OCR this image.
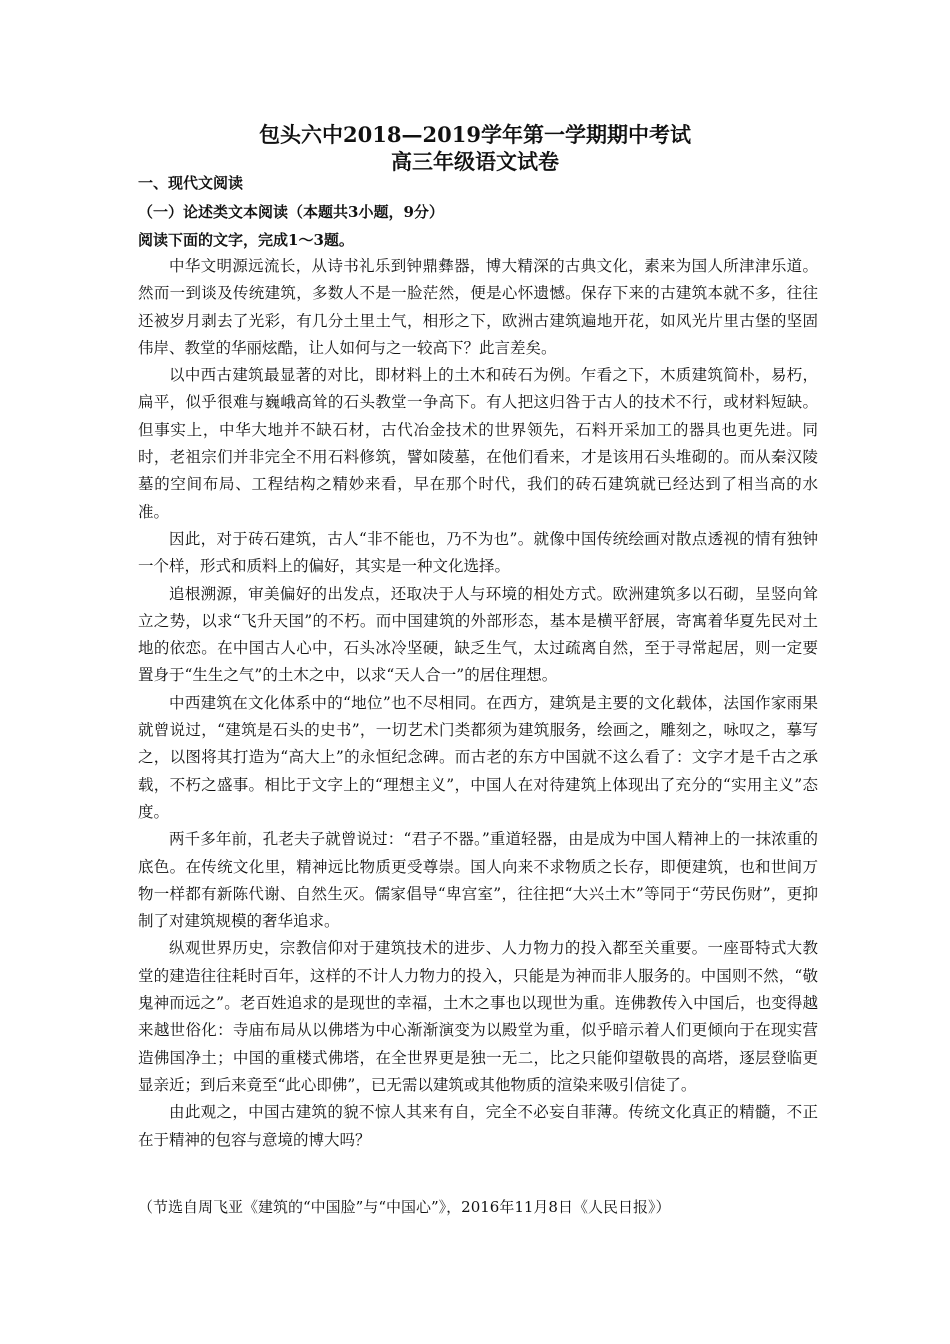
包头六中2018—2019学年第一学期期中考试
高三年级语文试卷
一、现代文阅读
（一）论述类文本阅读（本题共3小题，9分）
阅读下面的文字，完成1～3题。

中华文明源远流长，从诗书礼乐到钟鼎彝器，博大精深的古典文化，素来为国人所津津乐道。然而一到谈及传统建筑，多数人不是一脸茫然，便是心怀遗憾。保存下来的古建筑本就不多，往往还被岁月剥去了光彩，有几分土里土气，相形之下，欧洲古建筑遍地开花，如风光片里古堡的坚固伟岸、教堂的华丽炫酷，让人如何与之一较高下？此言差矣。

以中西古建筑最显著的对比，即材料上的土木和砖石为例。乍看之下，木质建筑简朴，易朽，扁平，似乎很难与巍峨高耸的石头教堂一争高下。有人把这归咎于古人的技术不行，或材料短缺。但事实上，中华大地并不缺石材，古代冶金技术的世界领先，石料开采加工的器具也更先进。同时，老祖宗们并非完全不用石料修筑，譬如陵墓，在他们看来，才是该用石头堆砌的。而从秦汉陵墓的空间布局、工程结构之精妙来看，早在那个时代，我们的砖石建筑就已经达到了相当高的水准。

因此，对于砖石建筑，古人“非不能也，乃不为也”。就像中国传统绘画对散点透视的情有独钟一个样，形式和质料上的偏好，其实是一种文化选择。

追根溯源，审美偏好的出发点，还取决于人与环境的相处方式。欧洲建筑多以石砌，呈竖向耸立之势，以求“飞升天国”的不朽。而中国建筑的外部形态，基本是横平舒展，寄寓着华夏先民对土地的依恋。在中国古人心中，石头冰冷坚硬，缺乏生气，太过疏离自然，至于寻常起居，则一定要置身于“生生之气”的土木之中，以求“天人合一”的居住理想。

中西建筑在文化体系中的“地位”也不尽相同。在西方，建筑是主要的文化载体，法国作家雨果就曾说过，“建筑是石头的史书”，一切艺术门类都须为建筑服务，绘画之，雕刻之，咏叹之，摹写之，以图将其打造为“高大上”的永恒纪念碑。而古老的东方中国就不这么看了：文字才是千古之承载，不朽之盛事。相比于文字上的“理想主义”，中国人在对待建筑上体现出了充分的“实用主义”态度。

两千多年前，孔老夫子就曾说过：“君子不器。”重道轻器，由是成为中国人精神上的一抹浓重的底色。在传统文化里，精神远比物质更受尊崇。国人向来不求物质之长存，即便建筑，也和世间万物一样都有新陈代谢、自然生灭。儒家倡导“卑宫室”，往往把“大兴土木”等同于“劳民伤财”，更抑制了对建筑规模的奢华追求。

纵观世界历史，宗教信仰对于建筑技术的进步、人力物力的投入都至关重要。一座哥特式大教堂的建造往往耗时百年，这样的不计人力物力的投入，只能是为神而非人服务的。中国则不然，“敬鬼神而远之”。老百姓追求的是现世的幸福，土木之事也以现世为重。连佛教传入中国后，也变得越来越世俗化：寺庙布局从以佛塔为中心渐渐演变为以殿堂为重，似乎暗示着人们更倾向于在现实营造佛国净土；中国的重楼式佛塔，在全世界更是独一无二，比之只能仰望敬畏的高塔，逐层登临更显亲近；到后来竟至“此心即佛”，已无需以建筑或其他物质的渲染来吸引信徒了。

由此观之，中国古建筑的貌不惊人其来有自，完全不必妄自菲薄。传统文化真正的精髓，不正在于精神的包容与意境的博大吗？

（节选自周飞亚《建筑的“中国脸”与“中国心”》，2016年11月8日《人民日报》）
